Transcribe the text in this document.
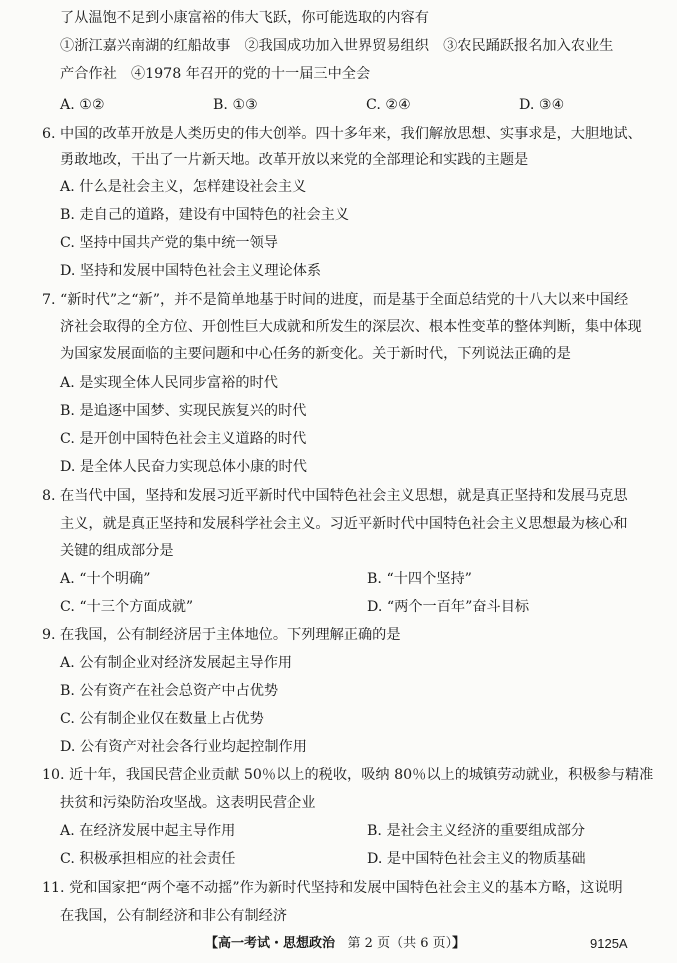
了从温饱不足到小康富裕的伟大飞跃，你可能选取的内容有
①浙江嘉兴南湖的红船故事　②我国成功加入世界贸易组织　③农民踊跃报名加入农业生
产合作社　④1978 年召开的党的十一届三中全会
A. ①②	B. ①③	C. ②④	D. ③④
6. 中国的改革开放是人类历史的伟大创举。四十多年来，我们解放思想、实事求是，大胆地试、
勇敢地改，干出了一片新天地。改革开放以来党的全部理论和实践的主题是
A. 什么是社会主义，怎样建设社会主义
B. 走自己的道路，建设有中国特色的社会主义
C. 坚持中国共产党的集中统一领导
D. 坚持和发展中国特色社会主义理论体系
7. “新时代”之“新”，并不是简单地基于时间的进度，而是基于全面总结党的十八大以来中国经
济社会取得的全方位、开创性巨大成就和所发生的深层次、根本性变革的整体判断，集中体现
为国家发展面临的主要问题和中心任务的新变化。关于新时代，下列说法正确的是
A. 是实现全体人民同步富裕的时代
B. 是追逐中国梦、实现民族复兴的时代
C. 是开创中国特色社会主义道路的时代
D. 是全体人民奋力实现总体小康的时代
8. 在当代中国，坚持和发展习近平新时代中国特色社会主义思想，就是真正坚持和发展马克思
主义，就是真正坚持和发展科学社会主义。习近平新时代中国特色社会主义思想最为核心和
关键的组成部分是
A. “十个明确”	B. “十四个坚持”
C. “十三个方面成就”	D. “两个一百年”奋斗目标
9. 在我国，公有制经济居于主体地位。下列理解正确的是
A. 公有制企业对经济发展起主导作用
B. 公有资产在社会总资产中占优势
C. 公有制企业仅在数量上占优势
D. 公有资产对社会各行业均起控制作用
10. 近十年，我国民营企业贡献 50％以上的税收，吸纳 80％以上的城镇劳动就业，积极参与精准
扶贫和污染防治攻坚战。这表明民营企业
A. 在经济发展中起主导作用	B. 是社会主义经济的重要组成部分
C. 积极承担相应的社会责任	D. 是中国特色社会主义的物质基础
11. 党和国家把“两个毫不动摇”作为新时代坚持和发展中国特色社会主义的基本方略，这说明
在我国，公有制经济和非公有制经济
【高一考试・思想政治 第 2 页（共 6 页）】	9125A
